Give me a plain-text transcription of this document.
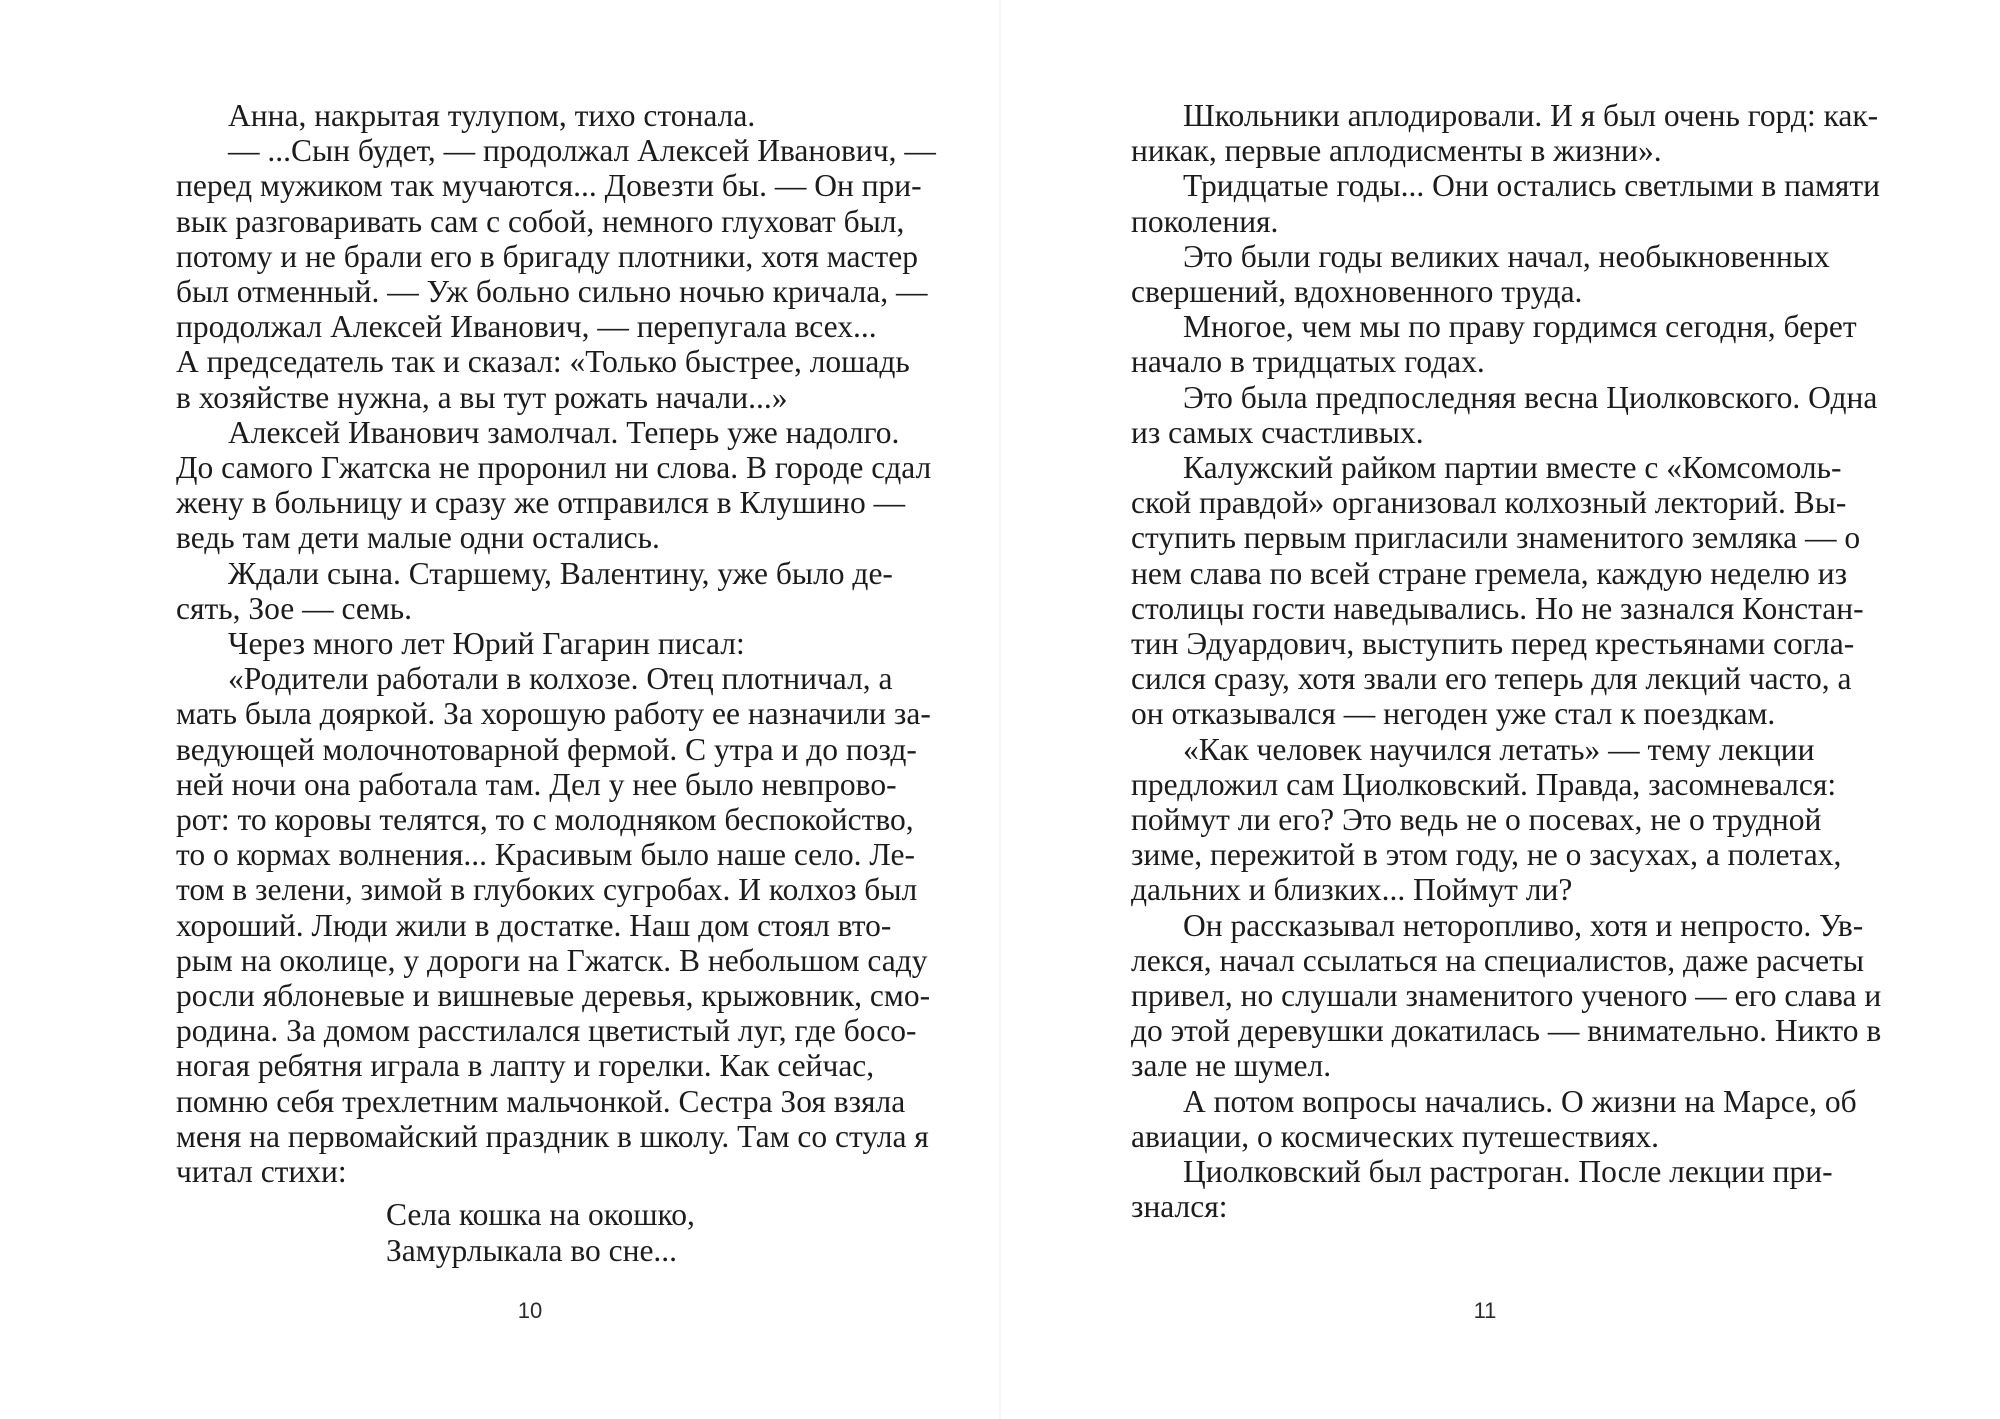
Анна, накрытая тулупом, тихо стонала.
— ...Сын будет, — продолжал Алексей Иванович, —
перед мужиком так мучаются... Довезти бы. — Он при-
вык разговаривать сам с собой, немного глуховат был,
потому и не брали его в бригаду плотники, хотя мастер
был отменный. — Уж больно сильно ночью кричала, —
продолжал Алексей Иванович, — перепугала всех...
А председатель так и сказал: «Только быстрее, лошадь
в хозяйстве нужна, а вы тут рожать начали...»
Алексей Иванович замолчал. Теперь уже надолго.
До самого Гжатска не проронил ни слова. В городе сдал
жену в больницу и сразу же отправился в Клушино —
ведь там дети малые одни остались.
Ждали сына. Старшему, Валентину, уже было де-
сять, Зое — семь.
Через много лет Юрий Гагарин писал:
«Родители работали в колхозе. Отец плотничал, а
мать была дояркой. За хорошую работу ее назначили за-
ведующей молочнотоварной фермой. С утра и до позд-
ней ночи она работала там. Дел у нее было невпрово-
рот: то коровы телятся, то с молодняком беспокойство,
то о кормах волнения... Красивым было наше село. Ле-
том в зелени, зимой в глубоких сугробах. И колхоз был
хороший. Люди жили в достатке. Наш дом стоял вто-
рым на околице, у дороги на Гжатск. В небольшом саду
росли яблоневые и вишневые деревья, крыжовник, смо-
родина. За домом расстилался цветистый луг, где босо-
ногая ребятня играла в лапту и горелки. Как сейчас,
помню себя трехлетним мальчонкой. Сестра Зоя взяла
меня на первомайский праздник в школу. Там со стула я
читал стихи:
Села кошка на окошко,
Замурлыкала во сне...
10
Школьники аплодировали. И я был очень горд: как-
никак, первые аплодисменты в жизни».
Тридцатые годы... Они остались светлыми в памяти
поколения.
Это были годы великих начал, необыкновенных
свершений, вдохновенного труда.
Многое, чем мы по праву гордимся сегодня, берет
начало в тридцатых годах.
Это была предпоследняя весна Циолковского. Одна
из самых счастливых.
Калужский райком партии вместе с «Комсомоль-
ской правдой» организовал колхозный лекторий. Вы-
ступить первым пригласили знаменитого земляка — о
нем слава по всей стране гремела, каждую неделю из
столицы гости наведывались. Но не зазнался Констан-
тин Эдуардович, выступить перед крестьянами согла-
сился сразу, хотя звали его теперь для лекций часто, а
он отказывался — негоден уже стал к поездкам.
«Как человек научился летать» — тему лекции
предложил сам Циолковский. Правда, засомневался:
поймут ли его? Это ведь не о посевах, не о трудной
зиме, пережитой в этом году, не о засухах, а полетах,
дальних и близких... Поймут ли?
Он рассказывал неторопливо, хотя и непросто. Ув-
лекся, начал ссылаться на специалистов, даже расчеты
привел, но слушали знаменитого ученого — его слава и
до этой деревушки докатилась — внимательно. Никто в
зале не шумел.
А потом вопросы начались. О жизни на Марсе, об
авиации, о космических путешествиях.
Циолковский был растроган. После лекции при-
знался:
11
